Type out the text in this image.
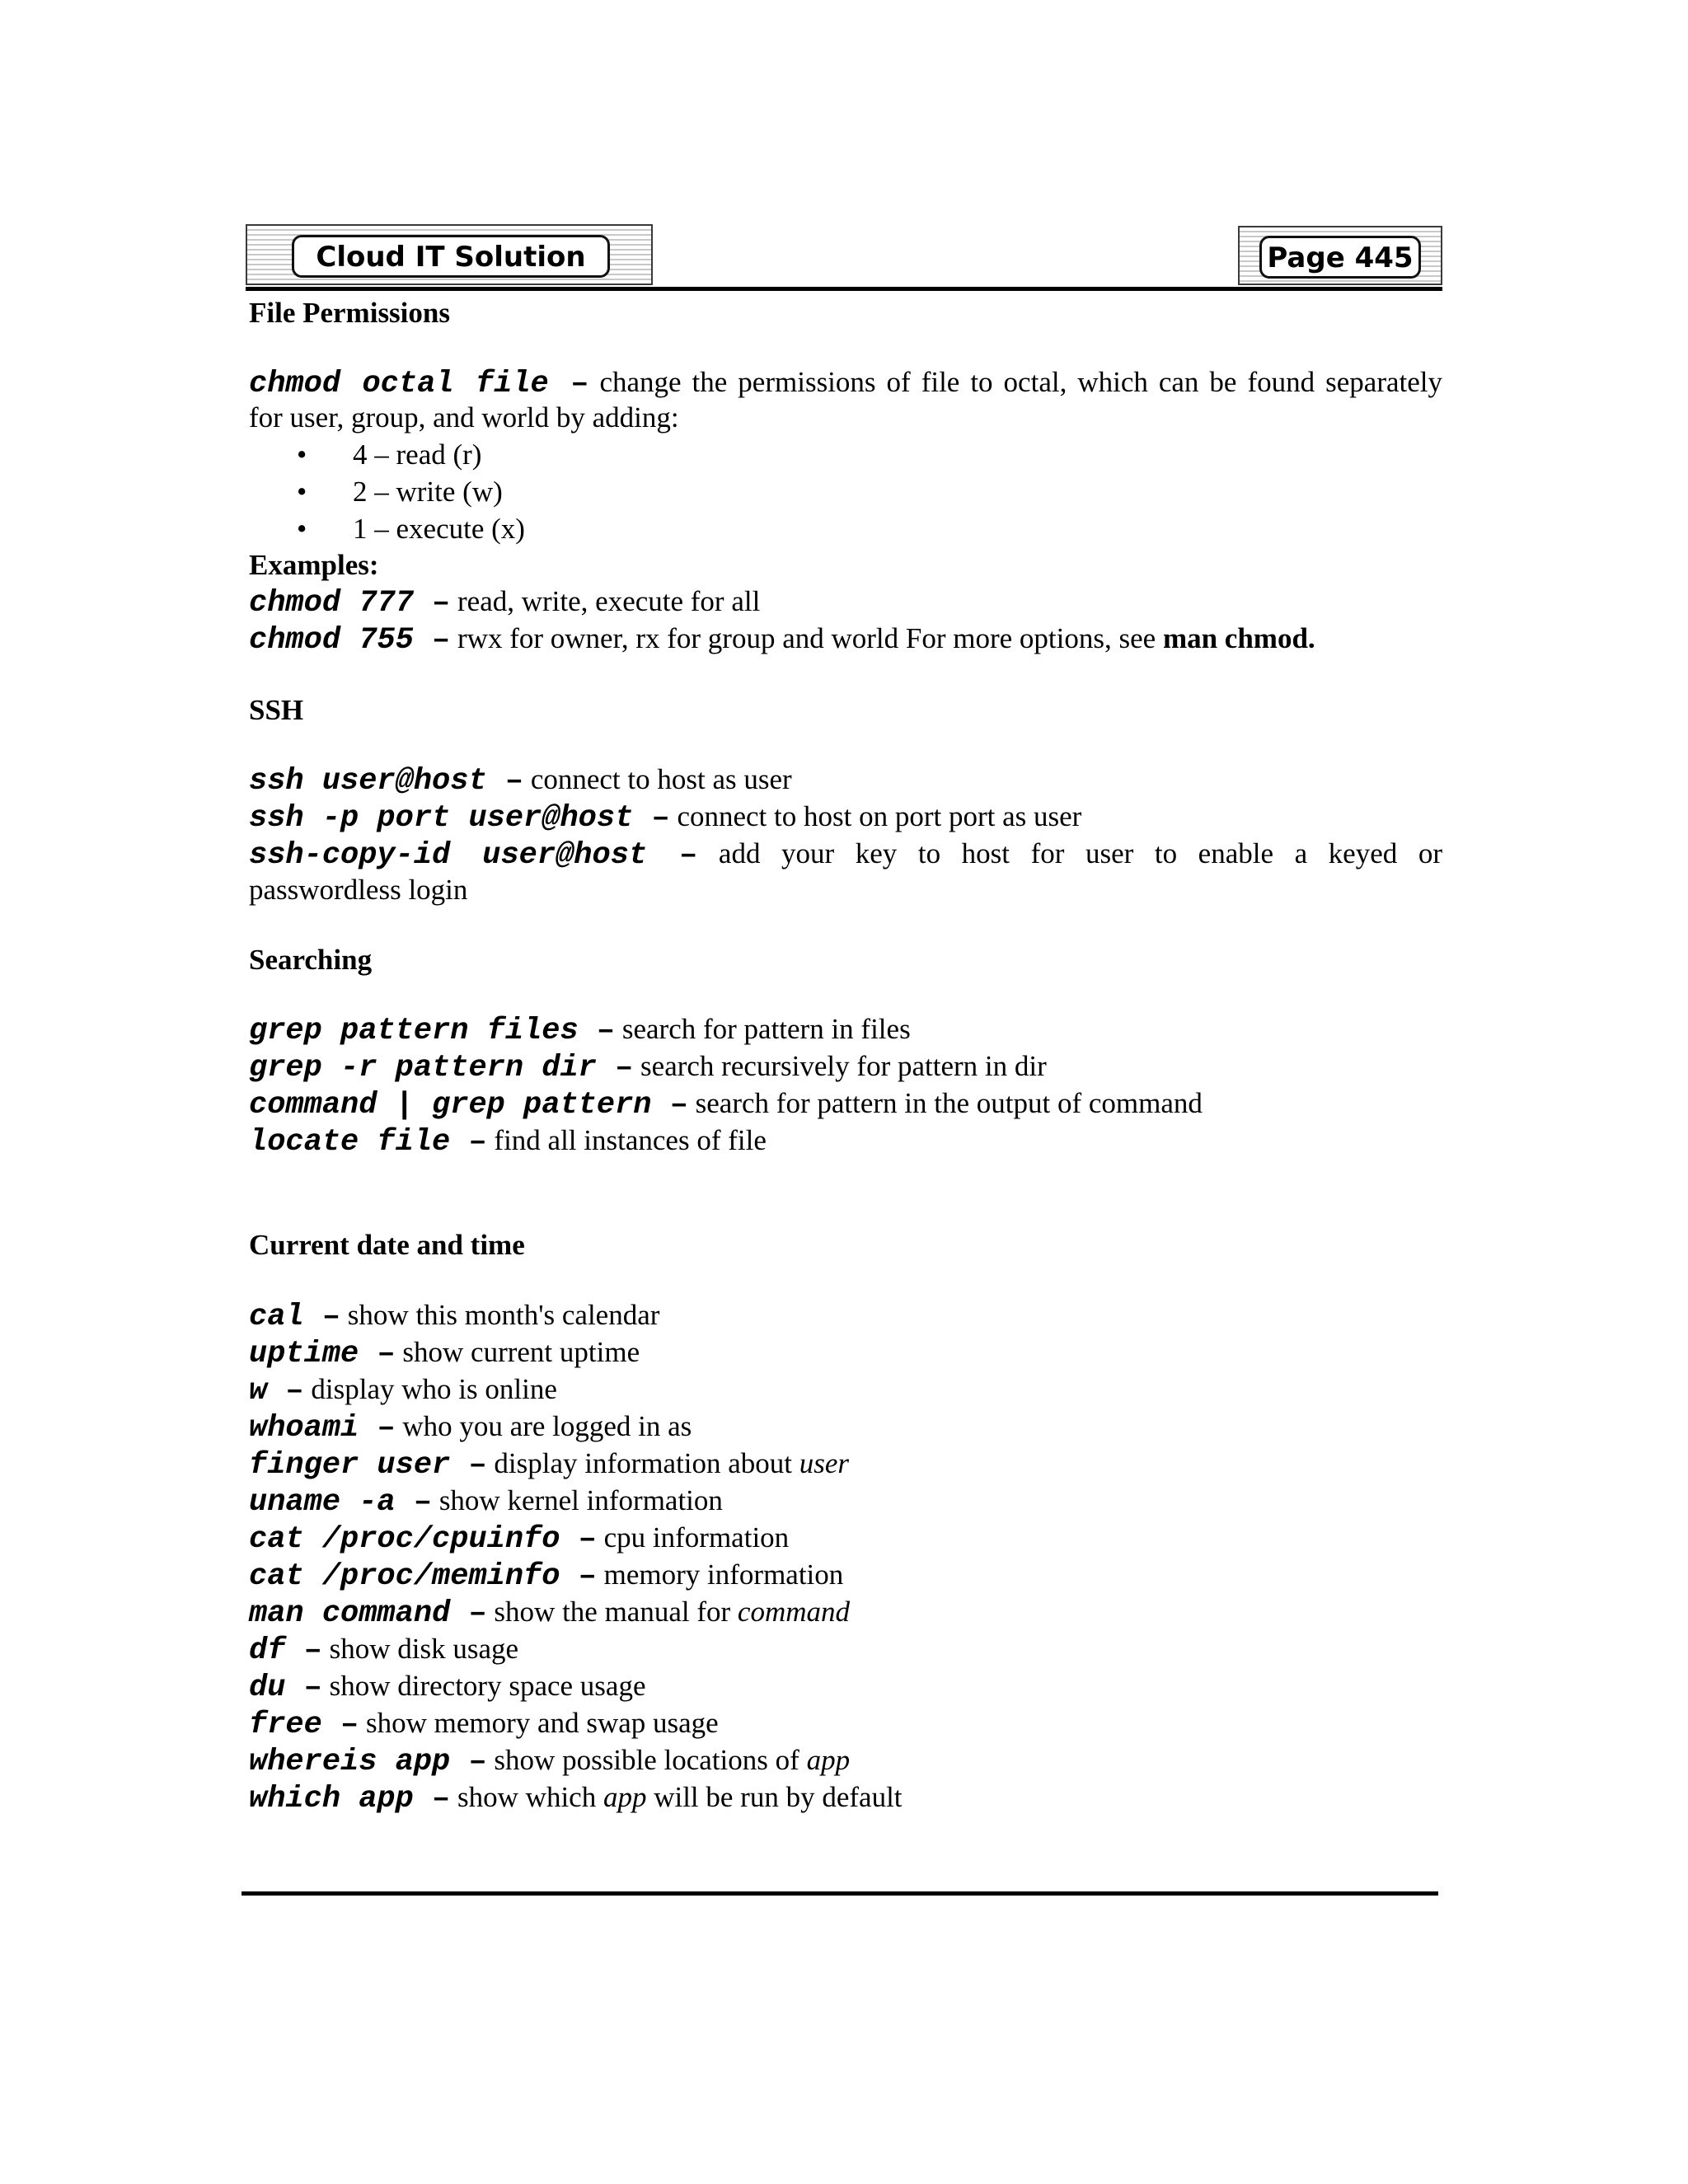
Cloud IT Solution	Page 445
File Permissions
chmod octal file – change the permissions of file to octal, which can be found separately
for user, group, and world by adding:
• 4 – read (r)
• 2 – write (w)
• 1 – execute (x)
Examples:
chmod 777 – read, write, execute for all
chmod 755 – rwx for owner, rx for group and world For more options, see man chmod.
SSH
ssh user@host – connect to host as user
ssh -p port user@host – connect to host on port port as user
ssh-copy-id user@host – add your key to host for user to enable a keyed or
passwordless login
Searching
grep pattern files – search for pattern in files
grep -r pattern dir – search recursively for pattern in dir
command | grep pattern – search for pattern in the output of command
locate file – find all instances of file
Current date and time
cal – show this month's calendar
uptime – show current uptime
w – display who is online
whoami – who you are logged in as
finger user – display information about user
uname -a – show kernel information
cat /proc/cpuinfo – cpu information
cat /proc/meminfo – memory information
man command – show the manual for command
df – show disk usage
du – show directory space usage
free – show memory and swap usage
whereis app – show possible locations of app
which app – show which app will be run by default
